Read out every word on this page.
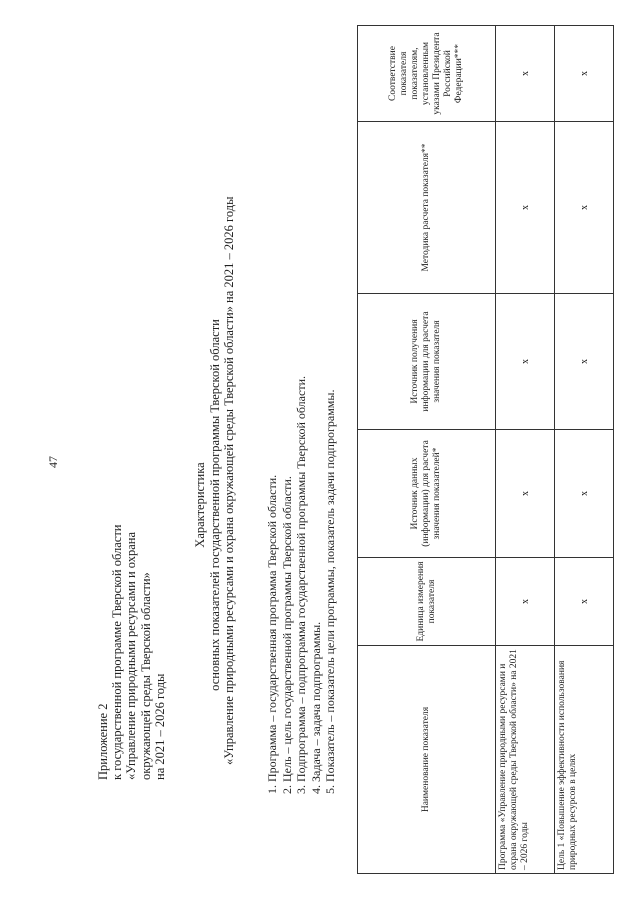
47
Приложение 2 к государственной программе Тверской области «Управление природными ресурсами и охрана окружающей среды Тверской области» на 2021 – 2026 годы
Характеристика основных показателей государственной программы Тверской области «Управление природными ресурсами и охрана окружающей среды Тверской области» на 2021 – 2026 годы 1. Программа – государственная программа Тверской области. 2. Цель – цель государственной программы Тверской области. 3. Подпрограмма – подпрограмма государственной программы Тверской области. 4. Задача – задача подпрограммы. 5. Показатель – показатель цели программы, показатель задачи подпрограммы.	Наименование показателя	Единица измерения показателя	Источник данных (информации) для расчета значения показателей*	Источник получения информации для расчета значения показателя	Методика расчета показателя**	Соответствие показателя показателям, установленным указами Президента Российской Федерации***
Программа «Управление природными ресурсами и охрана окружающей среды Тверской области» на 2021 – 2026 годы	х	х	х	х	х
Цель 1 «Повышение эффективности использования природных ресурсов в целях	х	х	х	х	х
